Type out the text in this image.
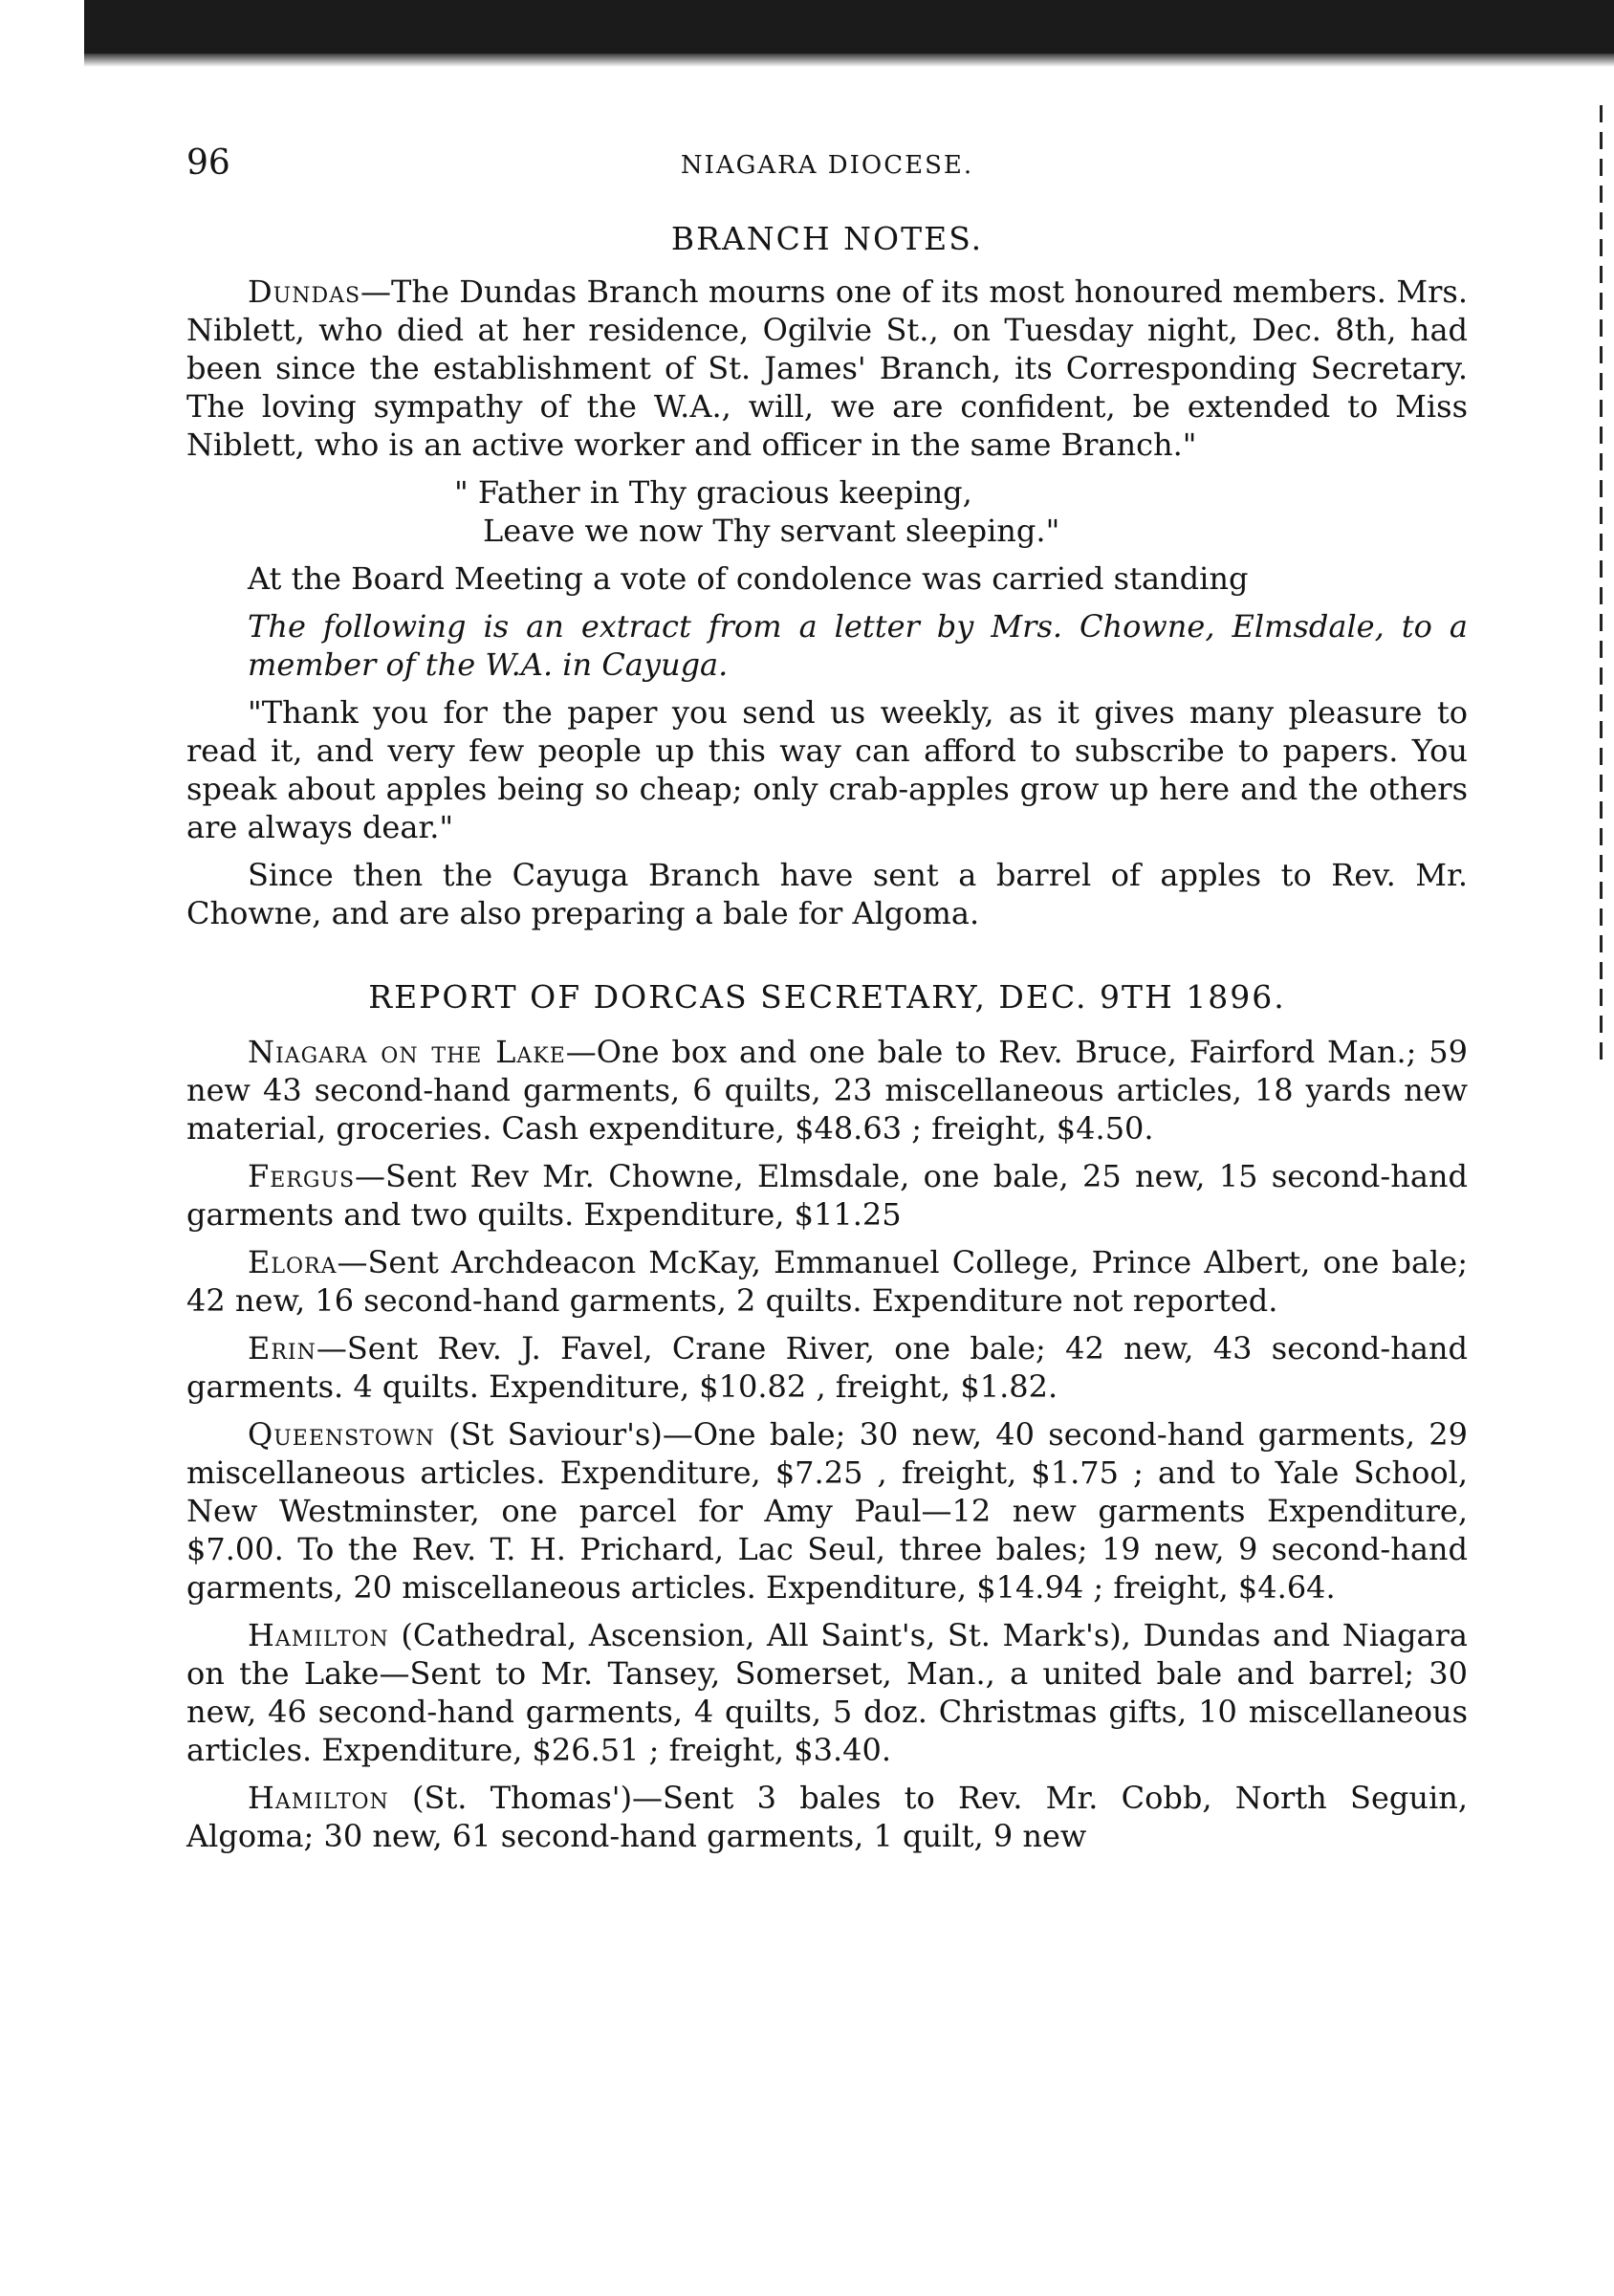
96	NIAGARA DIOCESE.
BRANCH NOTES.

Dundas—The Dundas Branch mourns one of its most honoured members. Mrs. Niblett, who died at her residence, Ogilvie St., on Tuesday night, Dec. 8th, had been since the establishment of St. James' Branch, its Corresponding Secretary. The loving sympathy of the W.A., will, we are confident, be extended to Miss Niblett, who is an active worker and officer in the same Branch."

" Father in Thy gracious keeping,
Leave we now Thy servant sleeping."

At the Board Meeting a vote of condolence was carried standing

The following is an extract from a letter by Mrs. Chowne, Elmsdale, to a member of the W.A. in Cayuga.

"Thank you for the paper you send us weekly, as it gives many pleasure to read it, and very few people up this way can afford to subscribe to papers. You speak about apples being so cheap; only crab-apples grow up here and the others are always dear."

Since then the Cayuga Branch have sent a barrel of apples to Rev. Mr. Chowne, and are also preparing a bale for Algoma.

REPORT OF DORCAS SECRETARY, DEC. 9TH 1896.

Niagara on the Lake—One box and one bale to Rev. Bruce, Fairford Man.; 59 new 43 second-hand garments, 6 quilts, 23 miscellaneous articles, 18 yards new material, groceries. Cash expenditure, $48.63 ; freight, $4.50.

Fergus—Sent Rev Mr. Chowne, Elmsdale, one bale, 25 new, 15 second-hand garments and two quilts. Expenditure, $11.25

Elora—Sent Archdeacon McKay, Emmanuel College, Prince Albert, one bale; 42 new, 16 second-hand garments, 2 quilts. Expenditure not reported.

Erin—Sent Rev. J. Favel, Crane River, one bale; 42 new, 43 second-hand garments. 4 quilts. Expenditure, $10.82 , freight, $1.82.

Queenstown (St Saviour's)—One bale; 30 new, 40 second-hand garments, 29 miscellaneous articles. Expenditure, $7.25 , freight, $1.75 ; and to Yale School, New Westminster, one parcel for Amy Paul—12 new garments Expenditure, $7.00. To the Rev. T. H. Prichard, Lac Seul, three bales; 19 new, 9 second-hand garments, 20 miscellaneous articles. Expenditure, $14.94 ; freight, $4.64.

Hamilton (Cathedral, Ascension, All Saint's, St. Mark's), Dundas and Niagara on the Lake—Sent to Mr. Tansey, Somerset, Man., a united bale and barrel; 30 new, 46 second-hand garments, 4 quilts, 5 doz. Christmas gifts, 10 miscellaneous articles. Expenditure, $26.51 ; freight, $3.40.

Hamilton (St. Thomas')—Sent 3 bales to Rev. Mr. Cobb, North Seguin, Algoma; 30 new, 61 second-hand garments, 1 quilt, 9 new
